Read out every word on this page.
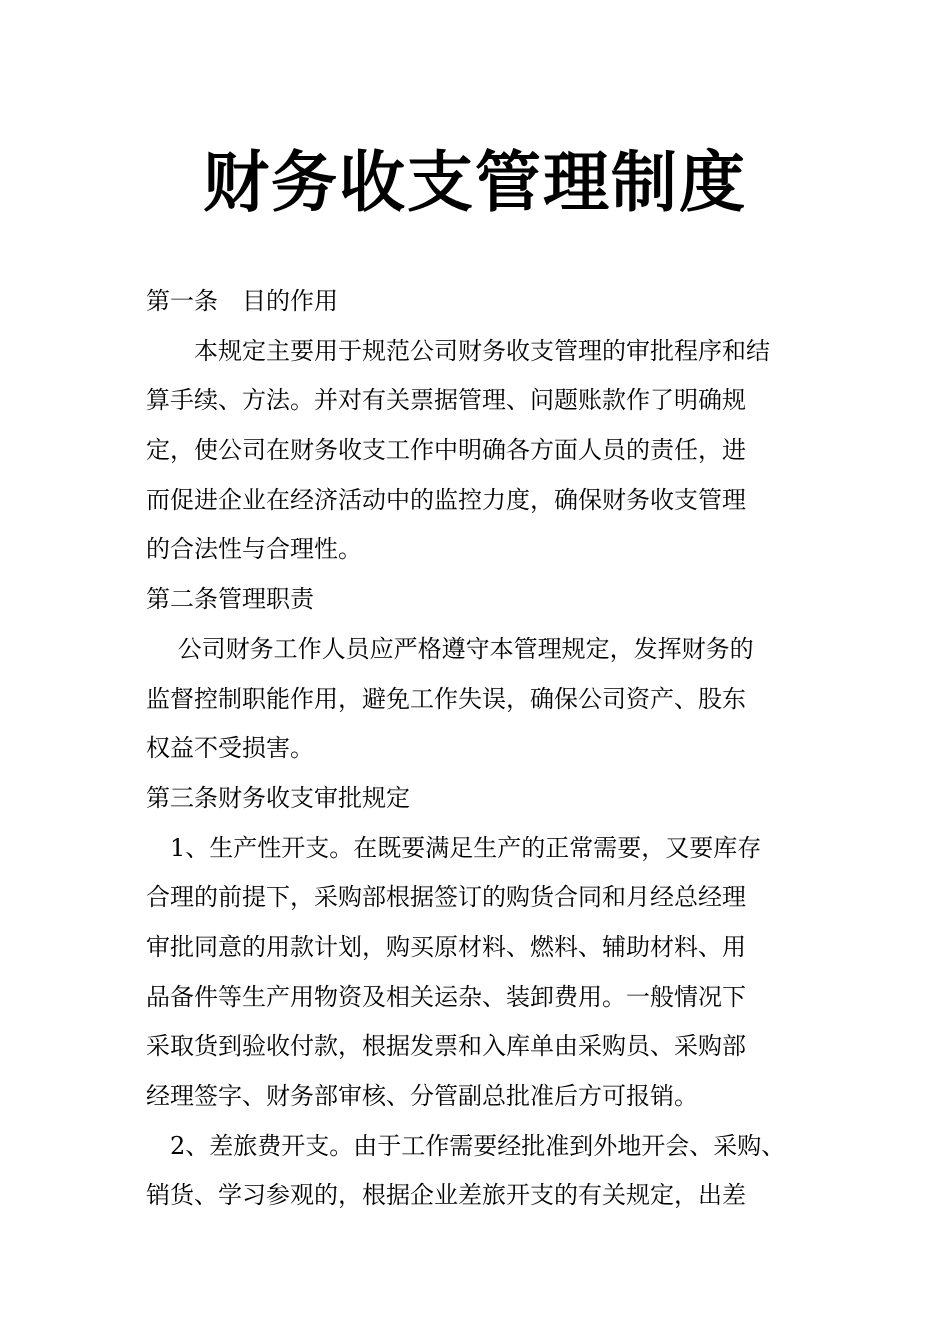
财务收支管理制度

第一条　目的作用

　　本规定主要用于规范公司财务收支管理的审批程序和结

算手续、方法。并对有关票据管理、问题账款作了明确规

定，使公司在财务收支工作中明确各方面人员的责任，进

而促进企业在经济活动中的监控力度，确保财务收支管理

的合法性与合理性。

第二条管理职责

　 公司财务工作人员应严格遵守本管理规定，发挥财务的

监督控制职能作用，避免工作失误，确保公司资产、股东

权益不受损害。

第三条财务收支审批规定

　1、生产性开支。在既要满足生产的正常需要，又要库存

合理的前提下，采购部根据签订的购货合同和月经总经理

审批同意的用款计划，购买原材料、燃料、辅助材料、用

品备件等生产用物资及相关运杂、装卸费用。一般情况下

采取货到验收付款，根据发票和入库单由采购员、采购部

经理签字、财务部审核、分管副总批准后方可报销。

　2、差旅费开支。由于工作需要经批准到外地开会、采购、

销货、学习参观的，根据企业差旅开支的有关规定，出差
